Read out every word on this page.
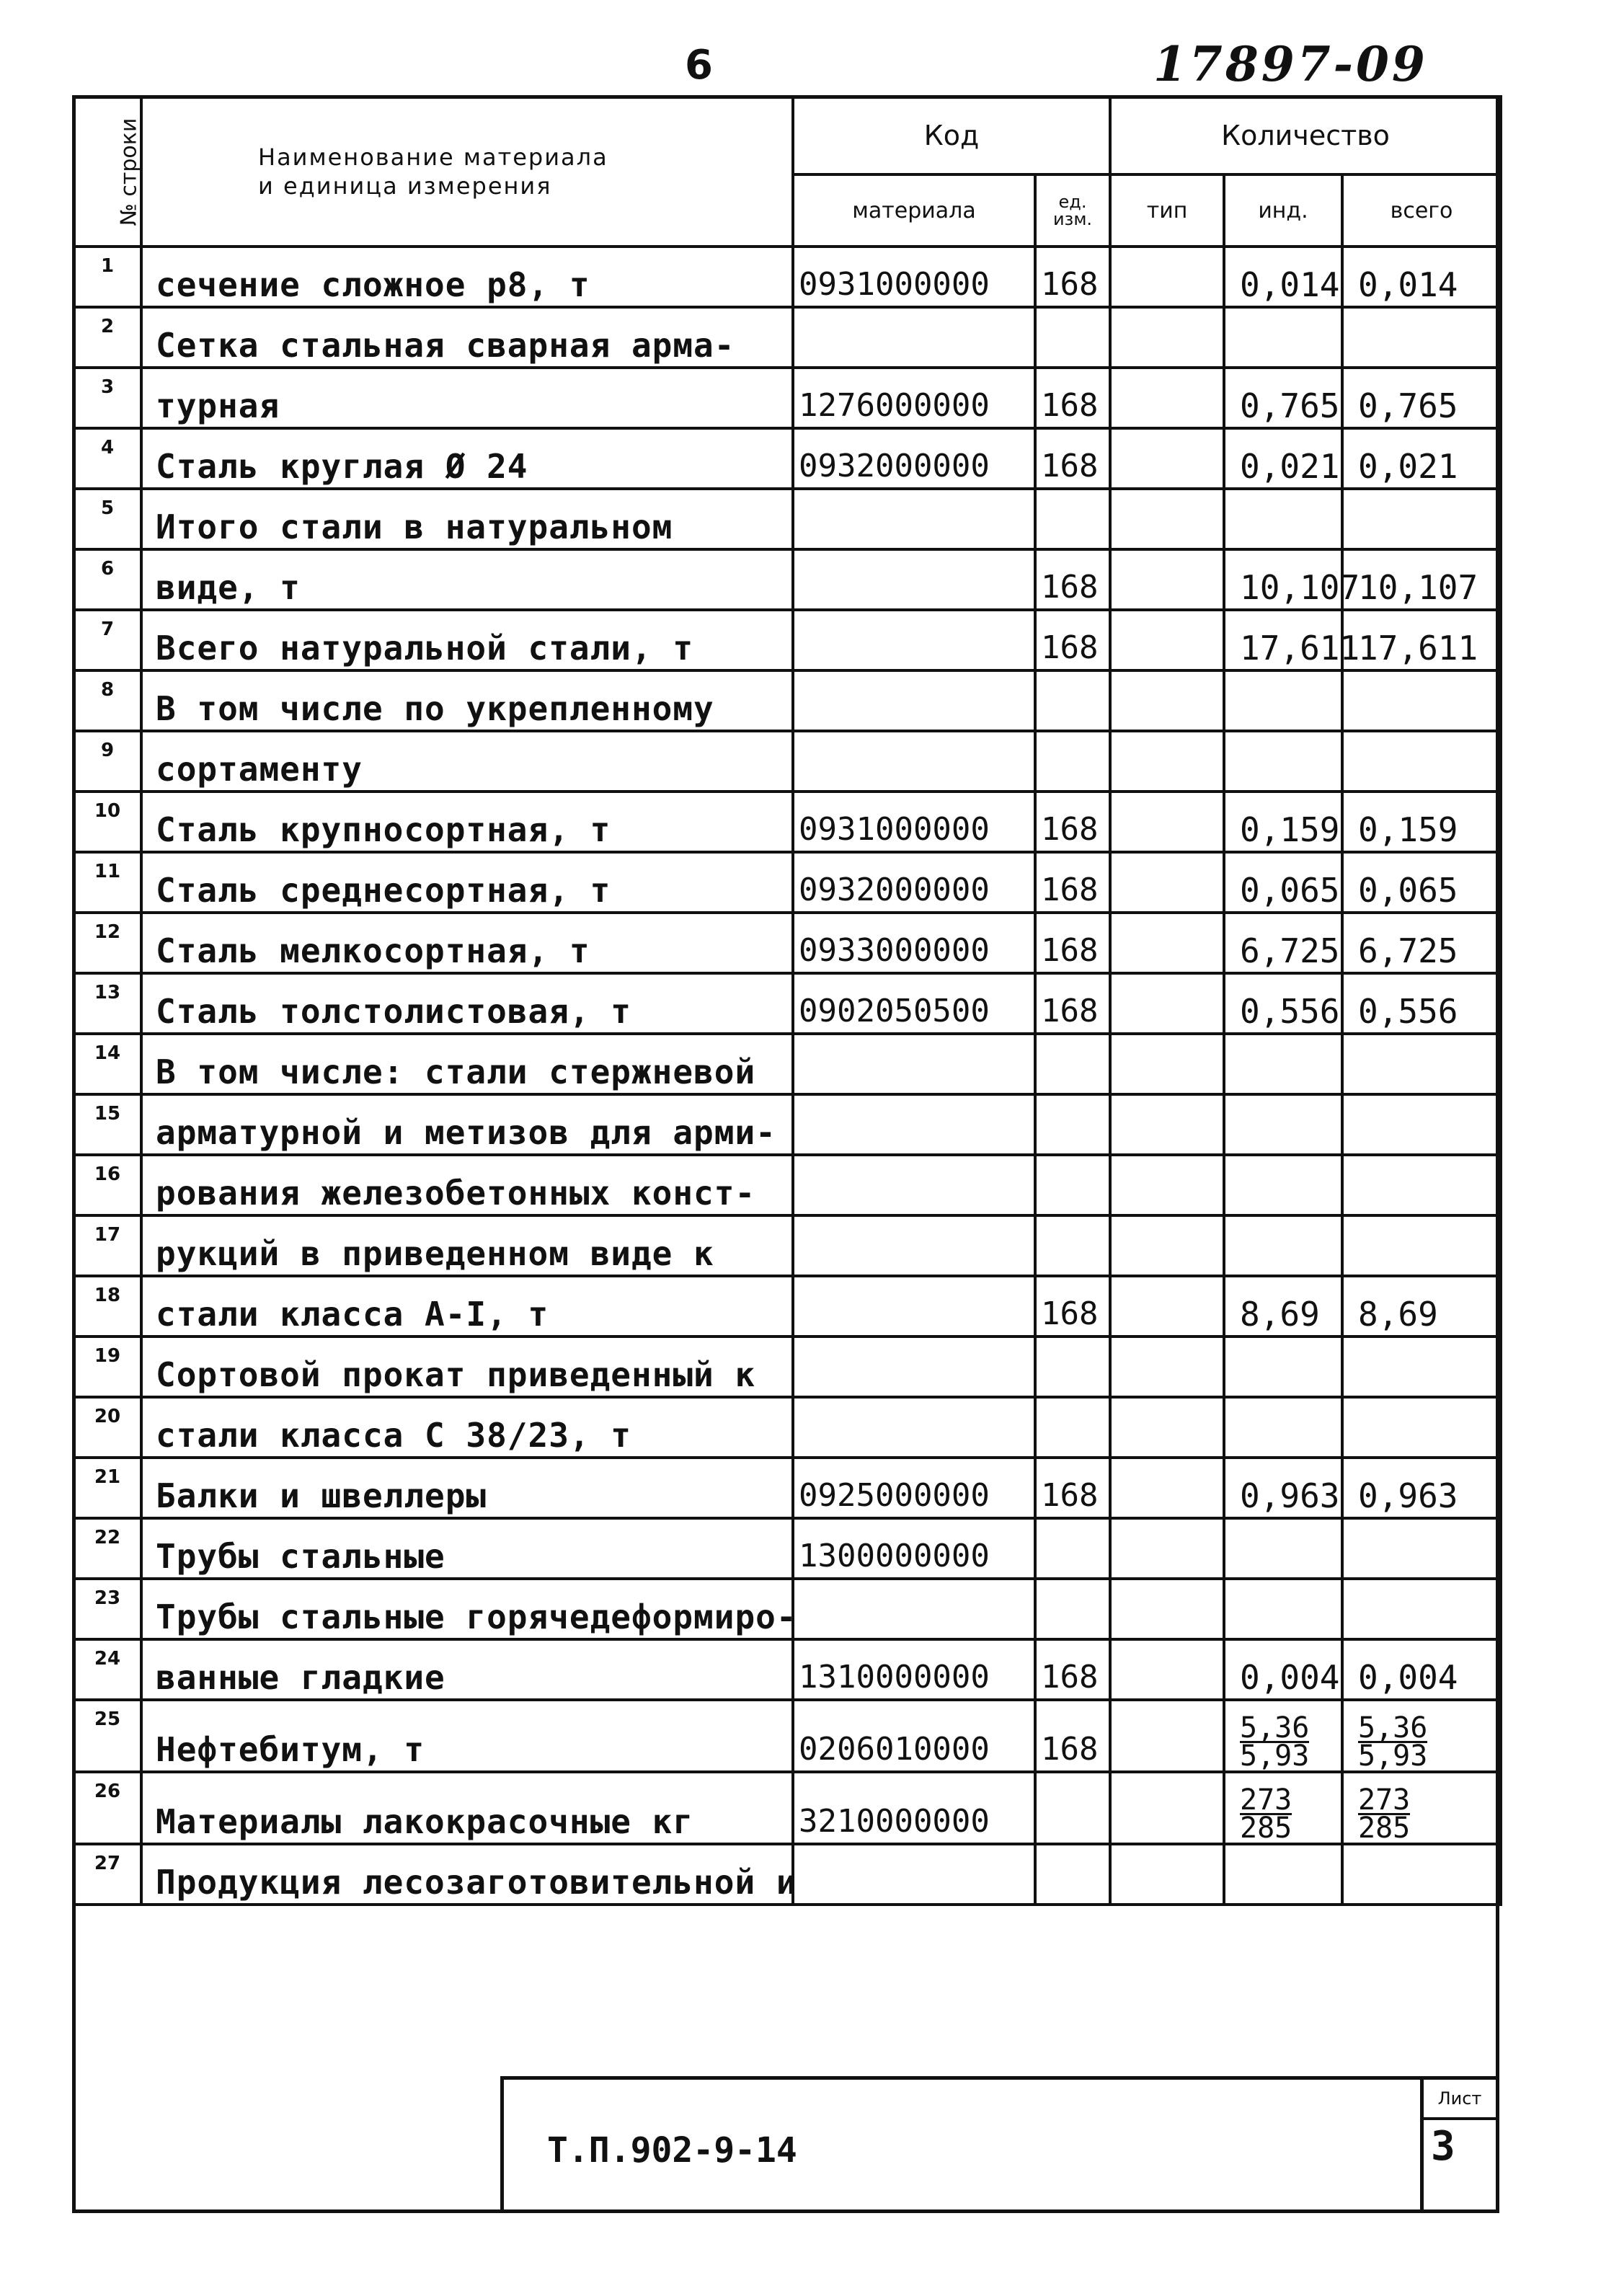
6	17897-09
№ строки	Наименование материала
и единица измерения	Код		Количество		
		материала	ед. изм.	тип	инд.	всего
1	сечение сложное р8, т	0931000000	168		0,014	0,014
2	Сетка стальная сварная арма-					
3	турная	1276000000	168		0,765	0,765
4	Сталь круглая Ø 24	0932000000	168		0,021	0,021
5	Итого стали в натуральном					
6	виде, т		168		10,107	10,107
7	Всего натуральной стали, т		168		17,611	17,611
8	В том числе по укрепленному					
9	сортаменту					
10	Сталь крупносортная, т	0931000000	168		0,159	0,159
11	Сталь среднесортная, т	0932000000	168		0,065	0,065
12	Сталь мелкосортная, т	0933000000	168		6,725	6,725
13	Сталь толстолистовая, т	0902050500	168		0,556	0,556
14	В том числе: стали стержневой					
15	арматурной и метизов для арми-					
16	рования железобетонных конст-					
17	рукций в приведенном виде к					
18	стали класса А-I, т		168		8,69	8,69
19	Сортовой прокат приведенный к					
20	стали класса С 38/23, т					
21	Балки и швеллеры	0925000000	168		0,963	0,963
22	Трубы стальные	1300000000				
23	Трубы стальные горячедеформиро-					
24	ванные гладкие	1310000000	168		0,004	0,004
25	Нефтебитум, т	0206010000	168		$\frac{5,36}{5,93}$	$\frac{5,36}{5,93}$
26	Материалы лакокрасочные кг	3210000000			$\frac{273}{285}$	$\frac{273}{285}$
27	Продукция лесозаготовительной и					
Т.П.902-9-14
Лист
3
